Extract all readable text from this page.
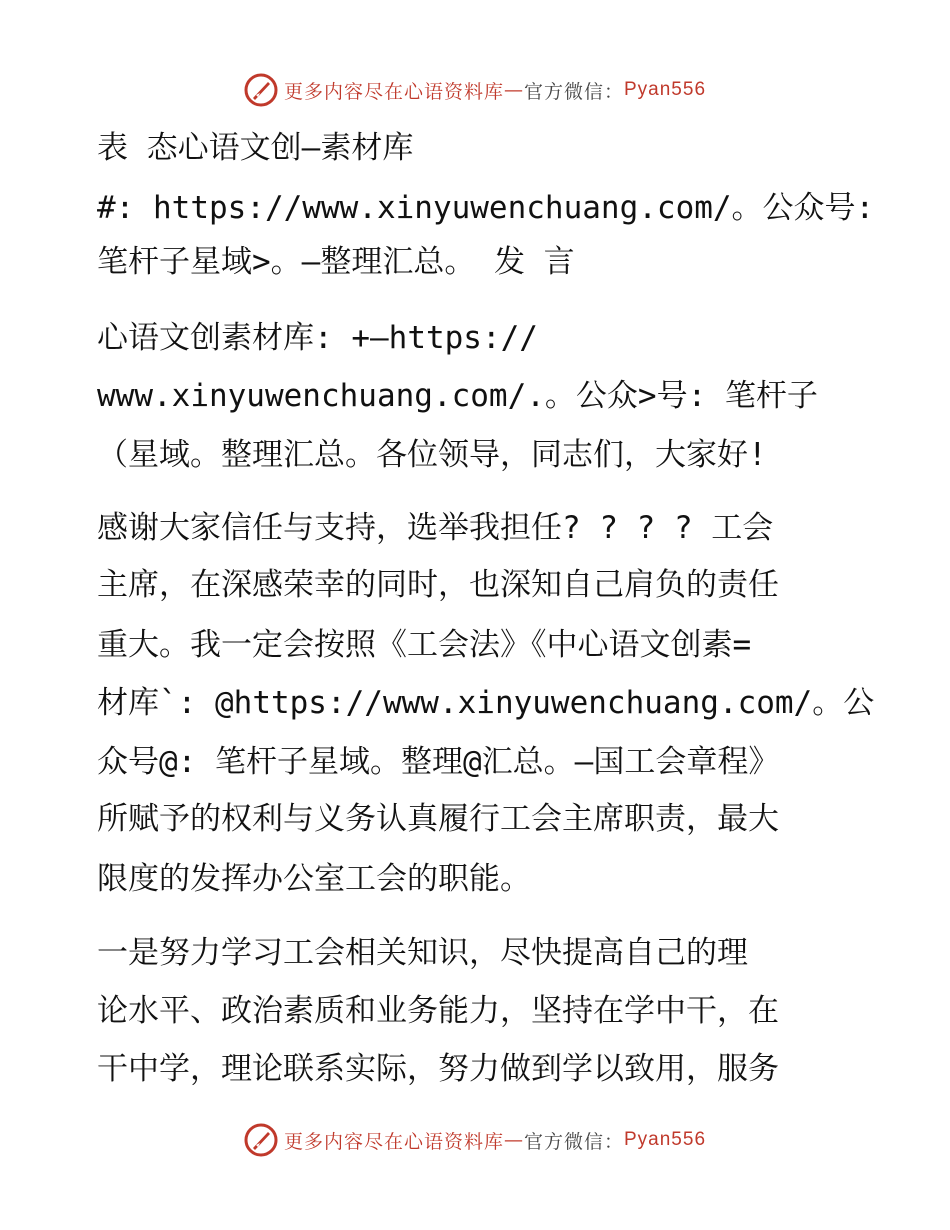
更多内容尽在心语资料库 — 官方微信： Pyan556
表 态心语文创—素材库
#: https://www.xinyuwenchuang.com/。公众号:
笔杆子星域>。—整理汇总。 发 言
心语文创素材库: +—https://
www.xinyuwenchuang.com/.。公众>号: 笔杆子
（星域。整理汇总。各位领导，同志们，大家好!
感谢大家信任与支持，选举我担任? ? ? ? 工会
主席，在深感荣幸的同时，也深知自己肩负的责任
重大。我一定会按照《工会法》《中心语文创素=
材库`: @https://www.xinyuwenchuang.com/。公
众号@: 笔杆子星域。整理@汇总。—国工会章程》
所赋予的权利与义务认真履行工会主席职责，最大
限度的发挥办公室工会的职能。
一是努力学习工会相关知识，尽快提高自己的理
论水平、政治素质和业务能力，坚持在学中干，在
干中学，理论联系实际，努力做到学以致用，服务
更多内容尽在心语资料库 — 官方微信： Pyan556
